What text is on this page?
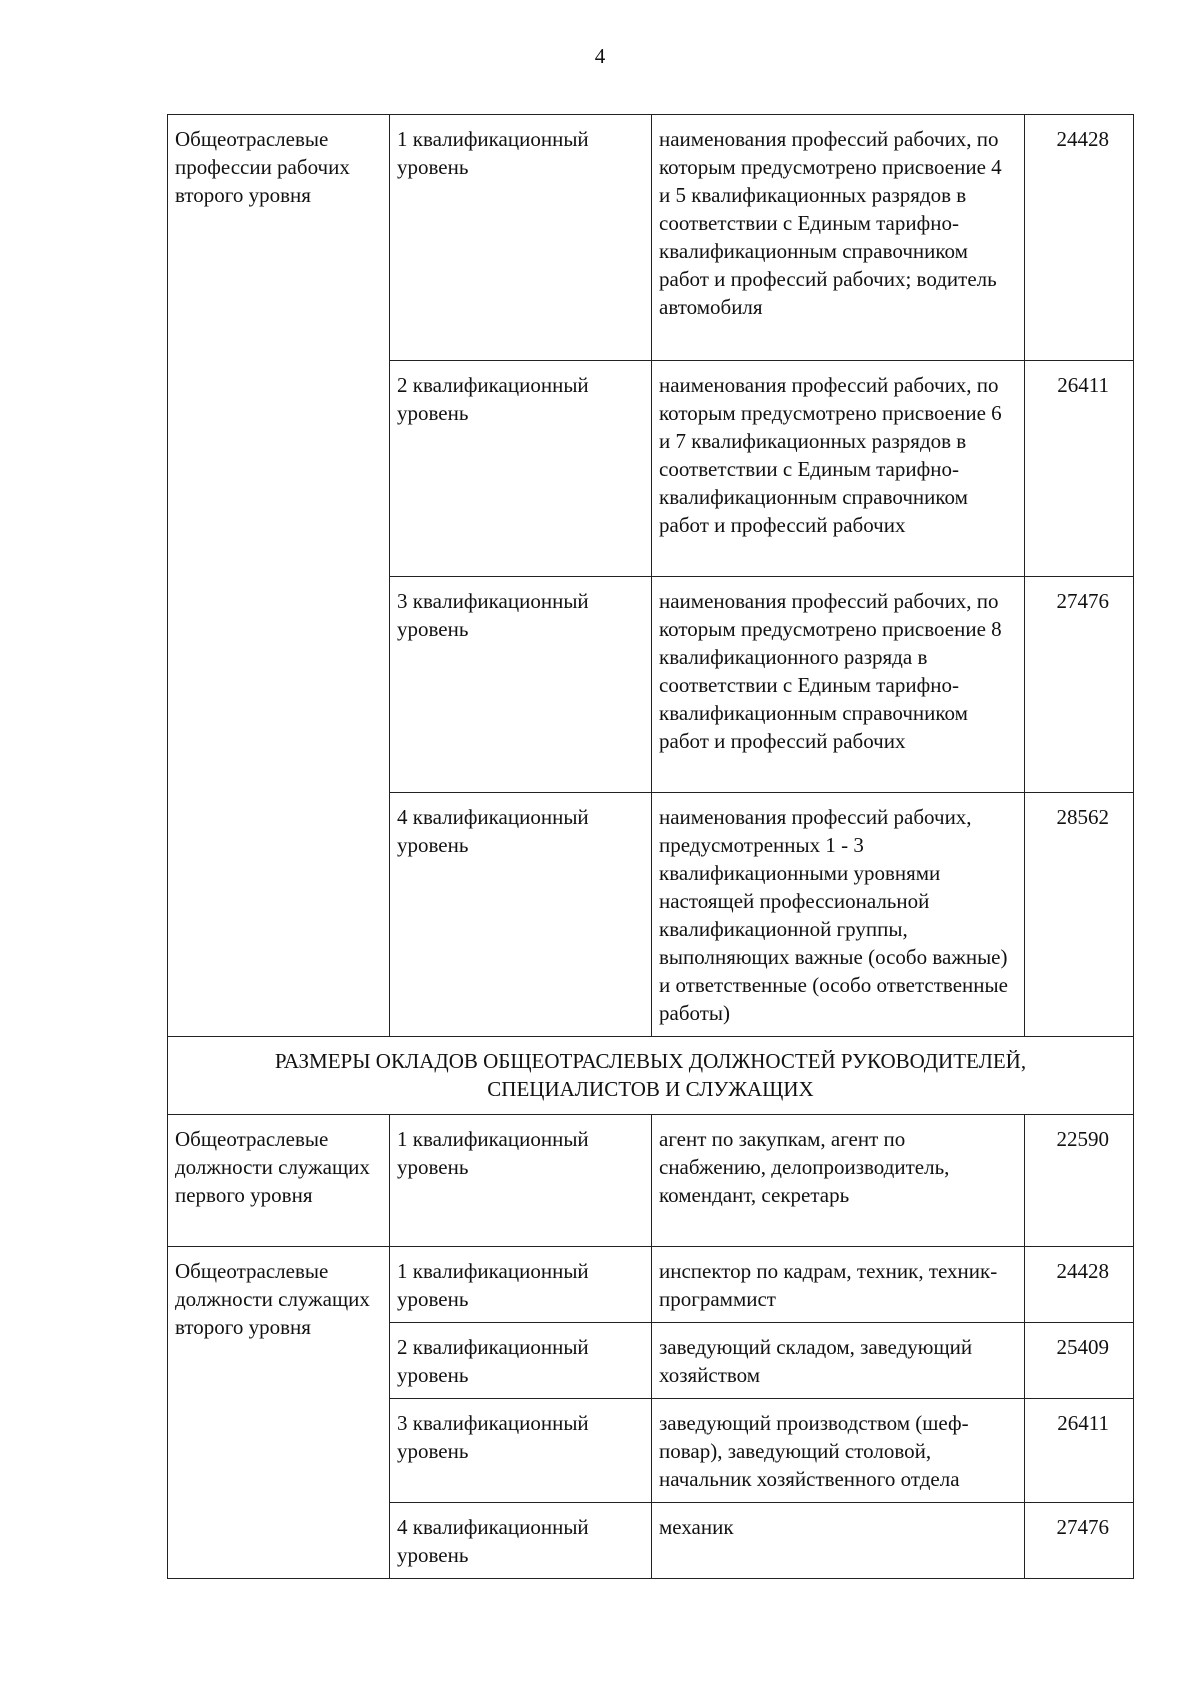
4
Общеотраслевые профессии рабочих второго уровня	1 квалификационный уровень	наименования профессий рабочих, по которым предусмотрено присвоение 4 и 5 квалификационных разрядов в соответствии с Единым тарифно-квалификационным справочником работ и профессий рабочих; водитель автомобиля	24428
	2 квалификационный уровень	наименования профессий рабочих, по которым предусмотрено присвоение 6 и 7 квалификационных разрядов в соответствии с Единым тарифно-квалификационным справочником работ и профессий рабочих	26411
	3 квалификационный уровень	наименования профессий рабочих, по которым предусмотрено присвоение 8 квалификационного разряда в соответствии с Единым тарифно-квалификационным справочником работ и профессий рабочих	27476
	4 квалификационный уровень	наименования профессий рабочих, предусмотренных 1 - 3 квалификационными уровнями настоящей профессиональной квалификационной группы, выполняющих важные (особо важные) и ответственные (особо ответственные работы)	28562
РАЗМЕРЫ ОКЛАДОВ ОБЩЕОТРАСЛЕВЫХ ДОЛЖНОСТЕЙ РУКОВОДИТЕЛЕЙ, СПЕЦИАЛИСТОВ И СЛУЖАЩИХ			
Общеотраслевые должности служащих первого уровня	1 квалификационный уровень	агент по закупкам, агент по снабжению, делопроизводитель, комендант, секретарь	22590
Общеотраслевые должности служащих второго уровня	1 квалификационный уровень	инспектор по кадрам, техник, техник-программист	24428
	2 квалификационный уровень	заведующий складом, заведующий хозяйством	25409
	3 квалификационный уровень	заведующий производством (шеф-повар), заведующий столовой, начальник хозяйственного отдела	26411
	4 квалификационный уровень	механик	27476
